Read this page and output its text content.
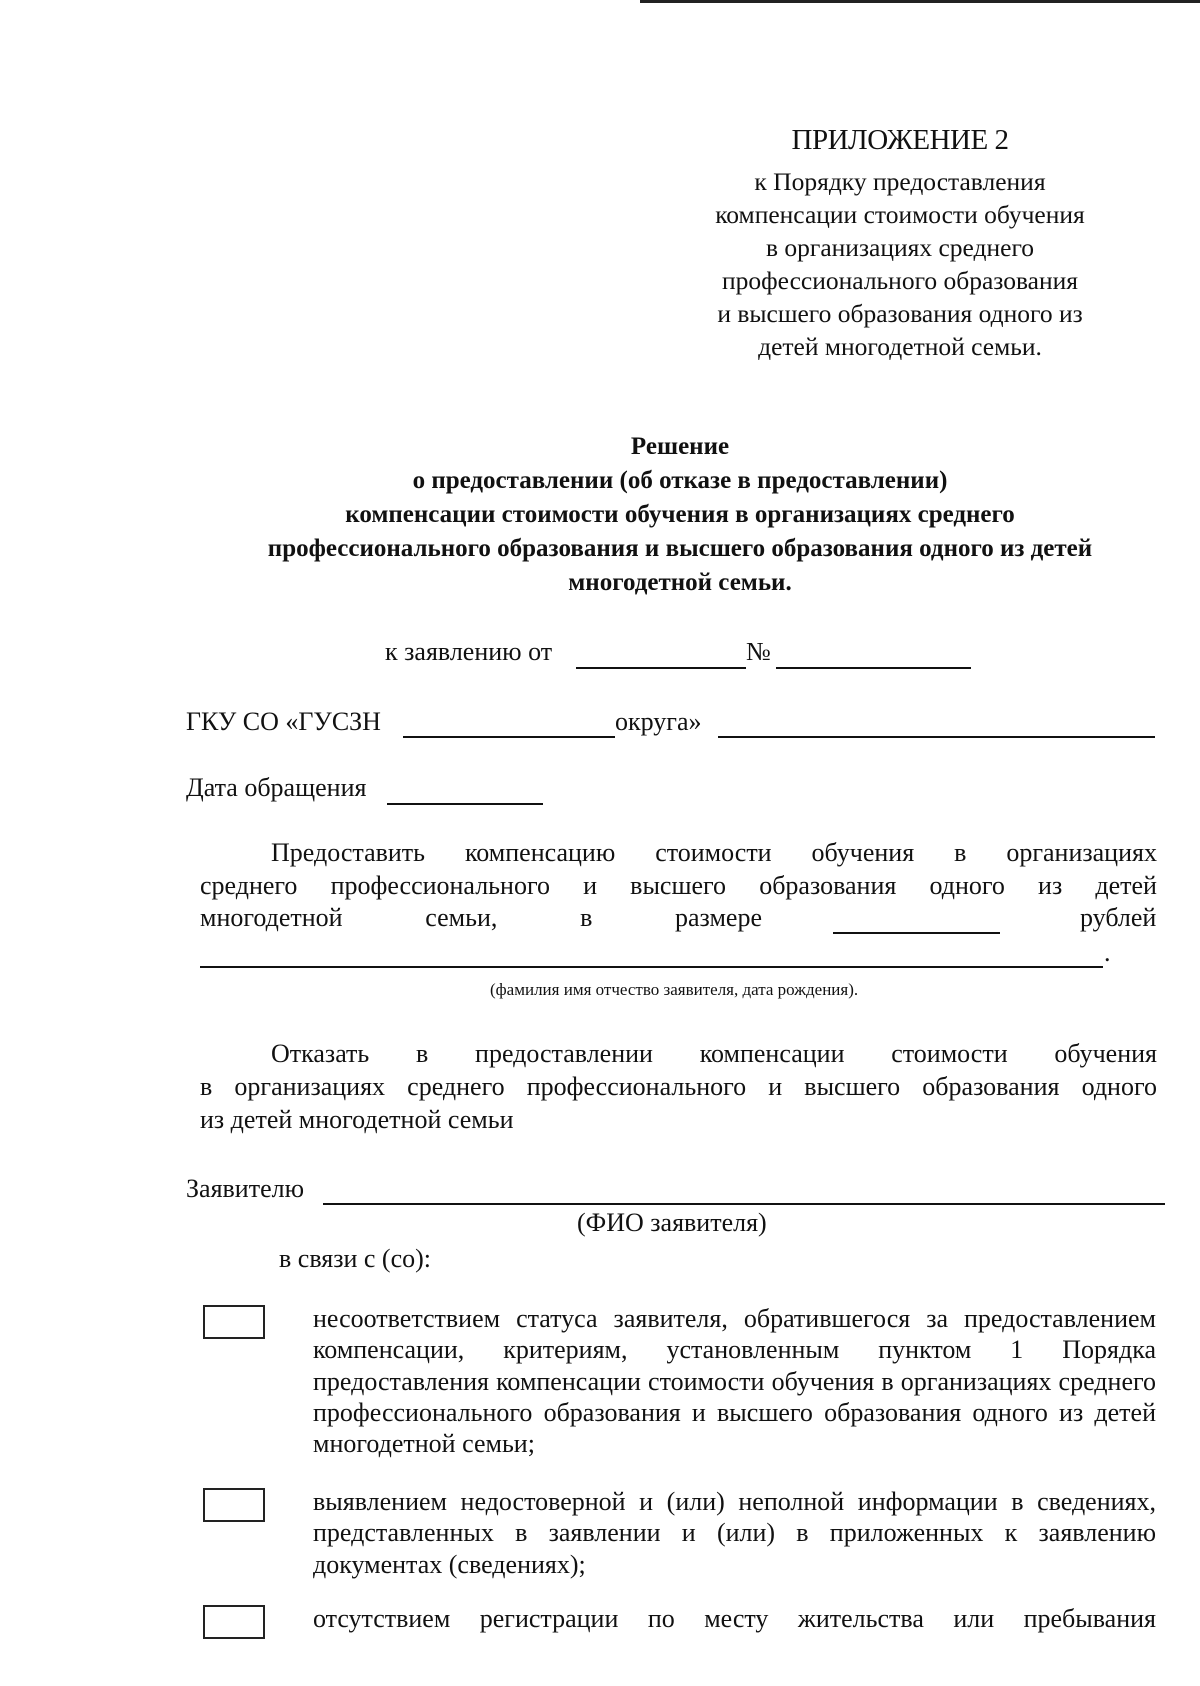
ПРИЛОЖЕНИЕ 2
к Порядку предоставления
компенсации стоимости обучения
в организациях среднего
профессионального образования
и высшего образования одного из
детей многодетной семьи.
Решение
о предоставлении (об отказе в предоставлении)
компенсации стоимости обучения в организациях среднего
профессионального образования и высшего образования одного из детей
многодетной семьи.
к заявлению от	№
ГКУ СО «ГУСЗН	округа»
Дата обращения
Предоставить компенсацию стоимости обучения в организациях
среднего профессионального и высшего образования одного из детей
многодетной	семьи,	в	размере	рублей
.
(фамилия имя отчество заявителя, дата рождения).
Отказать в предоставлении компенсации стоимости обучения
в организациях среднего профессионального и высшего образования одного
из детей многодетной семьи
Заявителю
(ФИО заявителя)
в связи с (со):
несоответствием статуса заявителя, обратившегося за предоставлением компенсации, критериям, установленным пунктом 1 Порядка предоставления компенсации стоимости обучения в организациях среднего профессионального образования и высшего образования одного из детей многодетной семьи;
выявлением недостоверной и (или) неполной информации в сведениях, представленных в заявлении и (или) в приложенных к заявлению документах (сведениях);
отсутствием регистрации по месту жительства или пребывания
